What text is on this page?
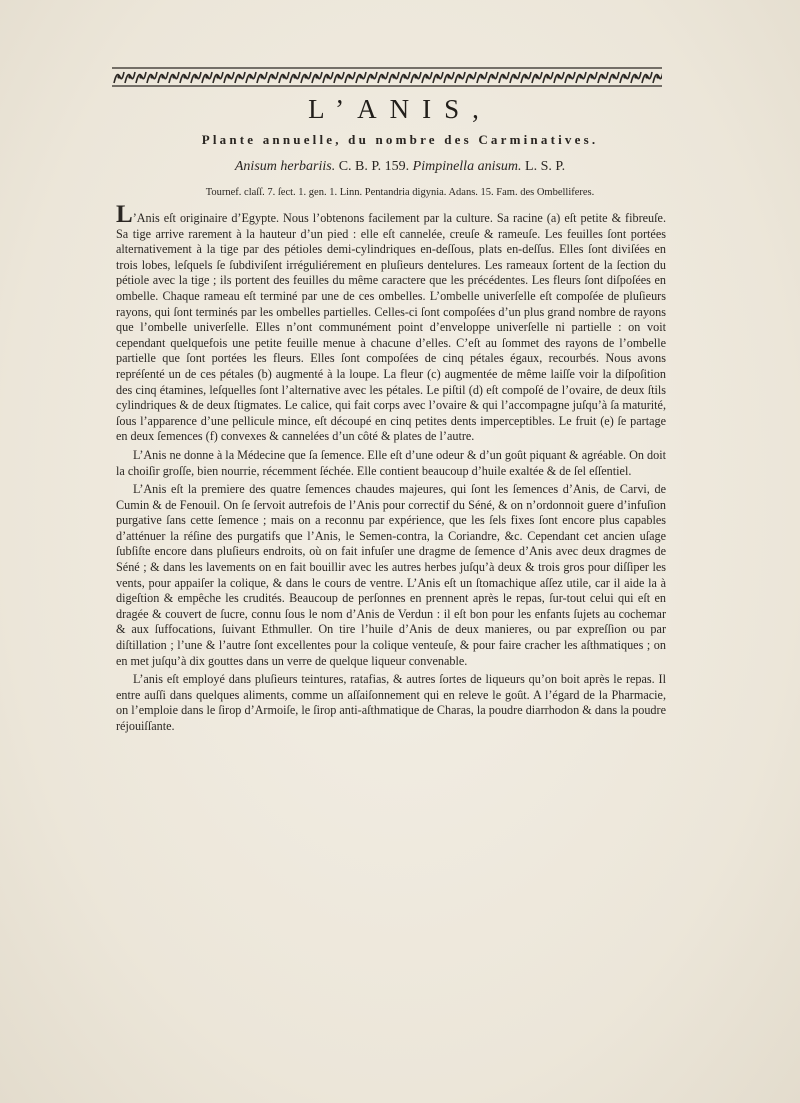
L’ANIS,
Plante annuelle, du nombre des Carminatives.
Anisum herbariis. C. B. P. 159. Pimpinella anisum. L. S. P.
Tournef. claſſ. 7. ſect. 1. gen. 1. Linn. Pentandria digynia. Adans. 15. Fam. des Ombelliferes.

L’Anis eſt originaire d’Egypte. Nous l’obtenons facilement par la culture. Sa racine (a) eſt petite & fibreuſe. Sa tige arrive rarement à la hauteur d’un pied : elle eſt cannelée, creuſe & rameuſe. Les feuilles ſont portées alternativement à la tige par des pétioles demi-cylindriques en-deſſous, plats en-deſſus. Elles ſont diviſées en trois lobes, leſquels ſe ſubdiviſent irréguliérement en pluſieurs dentelures. Les rameaux ſortent de la ſection du pétiole avec la tige ; ils portent des feuilles du même caractere que les précédentes. Les fleurs ſont diſpoſées en ombelle. Chaque rameau eſt terminé par une de ces ombelles. L’ombelle univerſelle eſt compoſée de pluſieurs rayons, qui ſont terminés par les ombelles partielles. Celles-ci ſont compoſées d’un plus grand nombre de rayons que l’ombelle univerſelle. Elles n’ont communément point d’enveloppe univerſelle ni partielle : on voit cependant quelquefois une petite feuille menue à chacune d’elles. C’eſt au ſommet des rayons de l’ombelle partielle que ſont portées les fleurs. Elles ſont compoſées de cinq pétales égaux, recourbés. Nous avons repréſenté un de ces pétales (b) augmenté à la loupe. La fleur (c) augmentée de même laiſſe voir la diſpoſition des cinq étamines, leſquelles ſont l’alternative avec les pétales. Le piſtil (d) eſt compoſé de l’ovaire, de deux ſtils cylindriques & de deux ſtigmates. Le calice, qui fait corps avec l’ovaire & qui l’accompagne juſqu’à ſa maturité, ſous l’apparence d’une pellicule mince, eſt découpé en cinq petites dents imperceptibles. Le fruit (e) ſe partage en deux ſemences (f) convexes & cannelées d’un côté & plates de l’autre.

L’Anis ne donne à la Médecine que ſa ſemence. Elle eſt d’une odeur & d’un goût piquant & agréable. On doit la choiſir groſſe, bien nourrie, récemment ſéchée. Elle contient beaucoup d’huile exaltée & de ſel eſſentiel.

L’Anis eſt la premiere des quatre ſemences chaudes majeures, qui ſont les ſemences d’Anis, de Carvi, de Cumin & de Fenouil. On ſe ſervoit autrefois de l’Anis pour correctif du Séné, & on n’ordonnoit guere d’infuſion purgative ſans cette ſemence ; mais on a reconnu par expérience, que les ſels fixes ſont encore plus capables d’atténuer la réſine des purgatifs que l’Anis, le Semen-contra, la Coriandre, &c. Cependant cet ancien uſage ſubſiſte encore dans pluſieurs endroits, où on fait infuſer une dragme de ſemence d’Anis avec deux dragmes de Séné ; & dans les lavements on en fait bouillir avec les autres herbes juſqu’à deux & trois gros pour diſſiper les vents, pour appaiſer la colique, & dans le cours de ventre. L’Anis eſt un ſtomachique aſſez utile, car il aide la à digeſtion & empêche les crudités. Beaucoup de perſonnes en prennent après le repas, ſur-tout celui qui eſt en dragée & couvert de ſucre, connu ſous le nom d’Anis de Verdun : il eſt bon pour les enfants ſujets au cochemar & aux ſuffocations, ſuivant Ethmuller. On tire l’huile d’Anis de deux manieres, ou par expreſſion ou par diſtillation ; l’une & l’autre ſont excellentes pour la colique venteuſe, & pour faire cracher les aſthmatiques ; on en met juſqu’à dix gouttes dans un verre de quelque liqueur convenable.

L’anis eſt employé dans pluſieurs teintures, ratafias, & autres ſortes de liqueurs qu’on boit après le repas. Il entre auſſi dans quelques aliments, comme un aſſaiſonnement qui en releve le goût. A l’égard de la Pharmacie, on l’emploie dans le ſirop d’Armoiſe, le ſirop anti-aſthmatique de Charas, la poudre diarrhodon & dans la poudre réjouiſſante.
